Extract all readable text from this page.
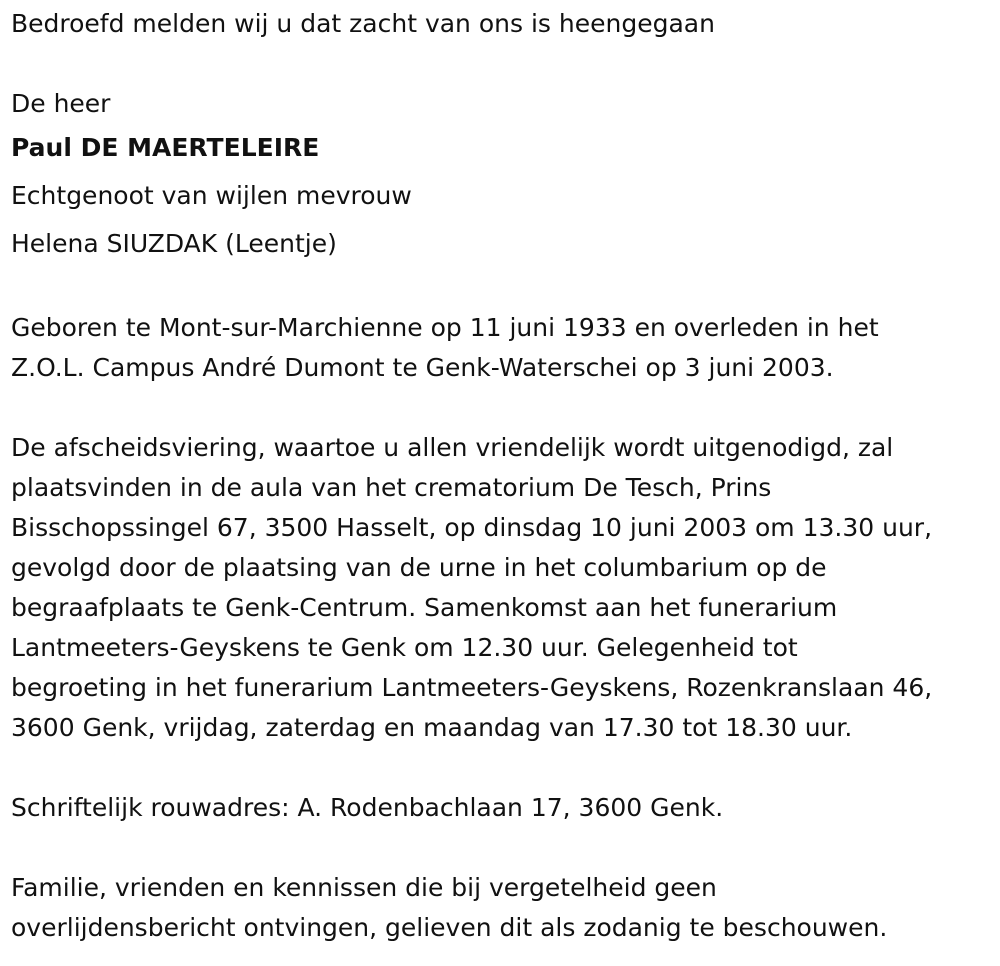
Bedroefd melden wij u dat zacht van ons is heengegaan
De heer
Paul DE MAERTELEIRE
Echtgenoot van wijlen mevrouw
Helena SIUZDAK (Leentje)
Geboren te Mont-sur-Marchienne op 11 juni 1933 en overleden in het
Z.O.L. Campus André Dumont te Genk-Waterschei op 3 juni 2003.
De afscheidsviering, waartoe u allen vriendelijk wordt uitgenodigd, zal
plaatsvinden in de aula van het crematorium De Tesch, Prins
Bisschopssingel 67, 3500 Hasselt, op dinsdag 10 juni 2003 om 13.30 uur,
gevolgd door de plaatsing van de urne in het columbarium op de
begraafplaats te Genk-Centrum. Samenkomst aan het funerarium
Lantmeeters-Geyskens te Genk om 12.30 uur. Gelegenheid tot
begroeting in het funerarium Lantmeeters-Geyskens, Rozenkranslaan 46,
3600 Genk, vrijdag, zaterdag en maandag van 17.30 tot 18.30 uur.
Schriftelijk rouwadres: A. Rodenbachlaan 17, 3600 Genk.
Familie, vrienden en kennissen die bij vergetelheid geen
overlijdensbericht ontvingen, gelieven dit als zodanig te beschouwen.
